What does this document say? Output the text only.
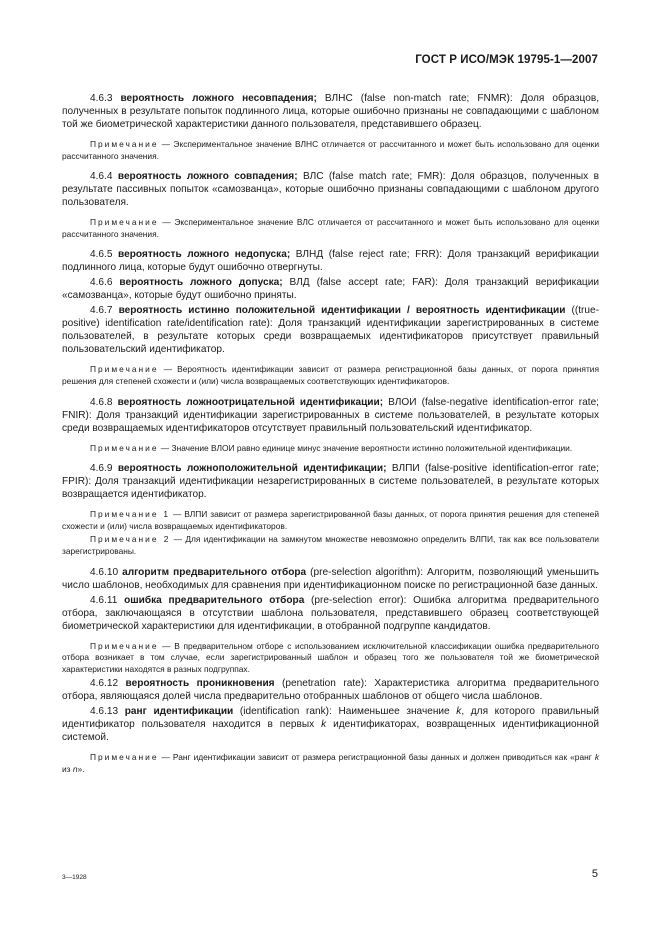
ГОСТ Р ИСО/МЭК 19795-1—2007

4.6.3 вероятность ложного несовпадения; ВЛНС (false non-match rate; FNMR): Доля образцов, полученных в результате попыток подлинного лица, которые ошибочно признаны не совпадающими с шаблоном той же биометрической характеристики данного пользователя, представившего образец.

Примечание — Экспериментальное значение ВЛНС отличается от рассчитанного и может быть использовано для оценки рассчитанного значения.

4.6.4 вероятность ложного совпадения; ВЛС (false match rate; FMR): Доля образцов, полученных в результате пассивных попыток «самозванца», которые ошибочно признаны совпадающими с шаблоном другого пользователя.

Примечание — Экспериментальное значение ВЛС отличается от рассчитанного и может быть использовано для оценки рассчитанного значения.

4.6.5 вероятность ложного недопуска; ВЛНД (false reject rate; FRR): Доля транзакций верификации подлинного лица, которые будут ошибочно отвергнуты.

4.6.6 вероятность ложного допуска; ВЛД (false accept rate; FAR): Доля транзакций верификации «самозванца», которые будут ошибочно приняты.

4.6.7 вероятность истинно положительной идентификации / вероятность идентификации ((true-positive) identification rate/identification rate): Доля транзакций идентификации зарегистрированных в системе пользователей, в результате которых среди возвращаемых идентификаторов присутствует правильный пользовательский идентификатор.

Примечание — Вероятность идентификации зависит от размера регистрационной базы данных, от порога принятия решения для степеней схожести и (или) числа возвращаемых соответствующих идентификаторов.

4.6.8 вероятность ложноотрицательной идентификации; ВЛОИ (false-negative identification-error rate; FNIR): Доля транзакций идентификации зарегистрированных в системе пользователей, в результате которых среди возвращаемых идентификаторов отсутствует правильный пользовательский идентификатор.

Примечание — Значение ВЛОИ равно единице минус значение вероятности истинно положительной идентификации.

4.6.9 вероятность ложноположительной идентификации; ВЛПИ (false-positive identification-error rate; FPIR): Доля транзакций идентификации незарегистрированных в системе пользователей, в результате которых возвращается идентификатор.

Примечание 1 — ВЛПИ зависит от размера зарегистрированной базы данных, от порога принятия решения для степеней схожести и (или) числа возвращаемых идентификаторов.

Примечание 2 — Для идентификации на замкнутом множестве невозможно определить ВЛПИ, так как все пользователи зарегистрированы.

4.6.10 алгоритм предварительного отбора (pre-selection algorithm): Алгоритм, позволяющий уменьшить число шаблонов, необходимых для сравнения при идентификационном поиске по регистрационной базе данных.

4.6.11 ошибка предварительного отбора (pre-selection error): Ошибка алгоритма предварительного отбора, заключающаяся в отсутствии шаблона пользователя, представившего образец соответствующей биометрической характеристики для идентификации, в отобранной подгруппе кандидатов.

Примечание — В предварительном отборе с использованием исключительной классификации ошибка предварительного отбора возникает в том случае, если зарегистрированный шаблон и образец того же пользователя той же биометрической характеристики находятся в разных подгруппах.

4.6.12 вероятность проникновения (penetration rate): Характеристика алгоритма предварительного отбора, являющаяся долей числа предварительно отобранных шаблонов от общего числа шаблонов.

4.6.13 ранг идентификации (identification rank): Наименьшее значение k, для которого правильный идентификатор пользователя находится в первых k идентификаторах, возвращенных идентификационной системой.

Примечание — Ранг идентификации зависит от размера регистрационной базы данных и должен приводиться как «ранг k из n».

3—1928	5
